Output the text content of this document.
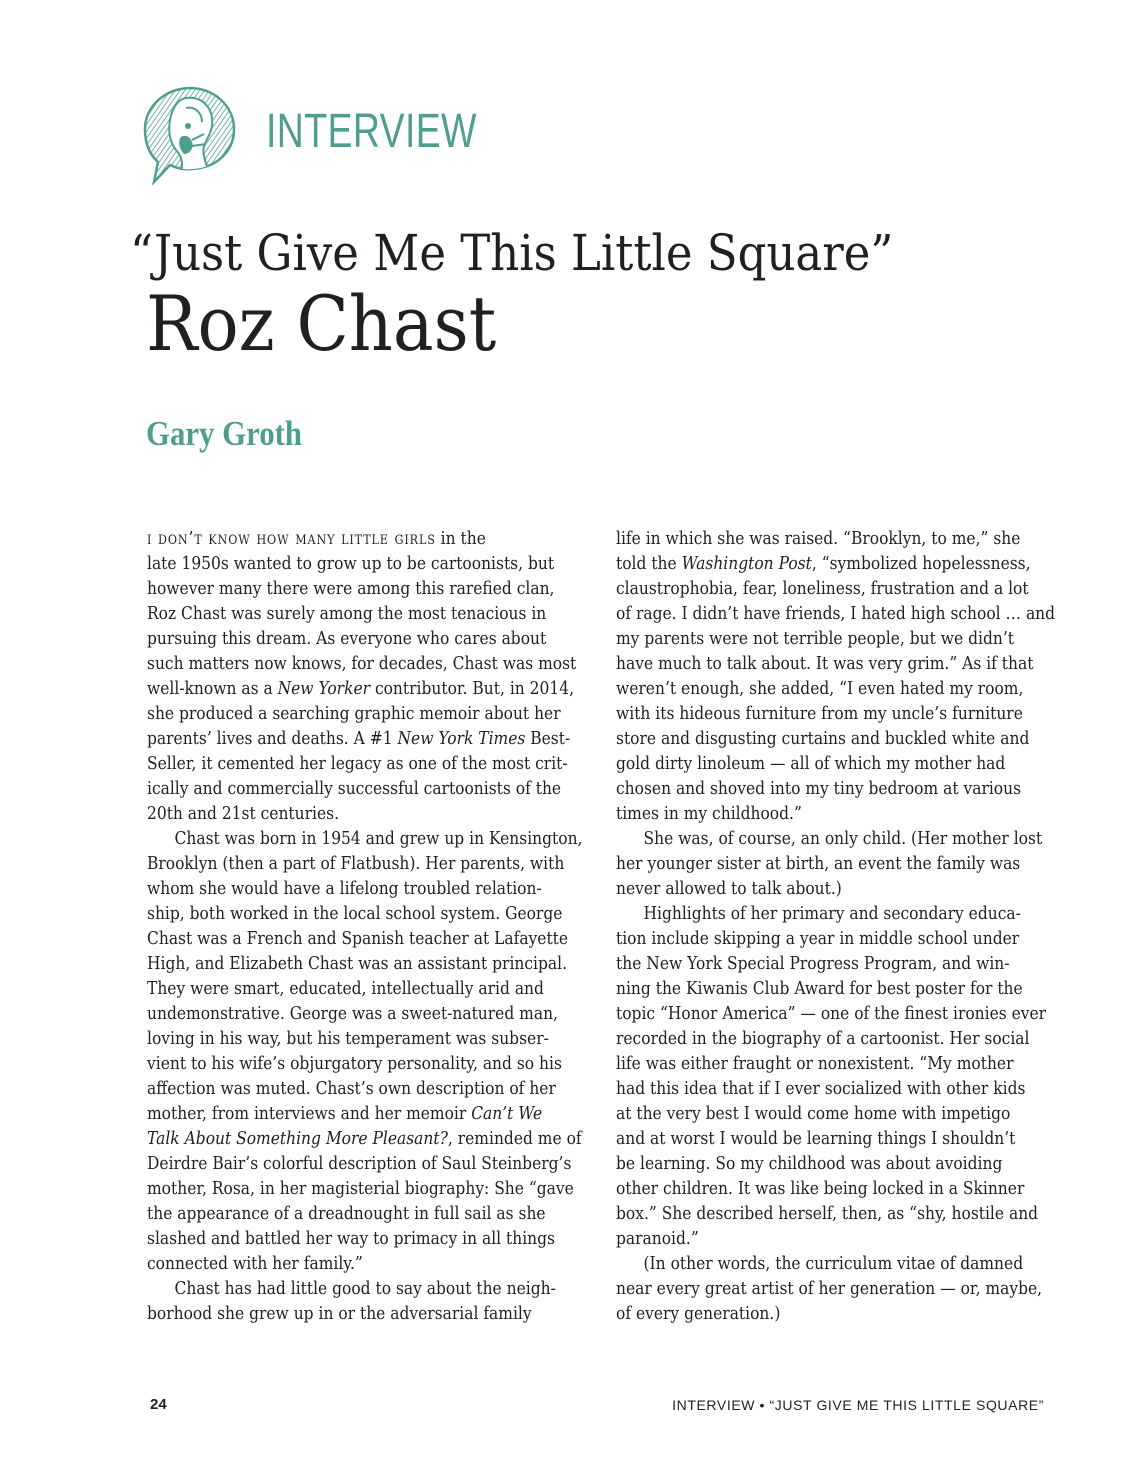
INTERVIEW
“Just Give Me This Little Square”
Roz Chast
Gary Groth
i don’t know how many little girls in the
late 1950s wanted to grow up to be cartoonists, but
however many there were among this rarefied clan,
Roz Chast was surely among the most tenacious in
pursuing this dream. As everyone who cares about
such matters now knows, for decades, Chast was most
well-known as a New Yorker contributor. But, in 2014,
she produced a searching graphic memoir about her
parents’ lives and deaths. A #1 New York Times Best-
Seller, it cemented her legacy as one of the most crit-
ically and commercially successful cartoonists of the
20th and 21st centuries.
Chast was born in 1954 and grew up in Kensington,
Brooklyn (then a part of Flatbush). Her parents, with
whom she would have a lifelong troubled relation-
ship, both worked in the local school system. George
Chast was a French and Spanish teacher at Lafayette
High, and Elizabeth Chast was an assistant principal.
They were smart, educated, intellectually arid and
undemonstrative. George was a sweet-natured man,
loving in his way, but his temperament was subser-
vient to his wife’s objurgatory personality, and so his
affection was muted. Chast’s own description of her
mother, from interviews and her memoir Can’t We
Talk About Something More Pleasant?, reminded me of
Deirdre Bair’s colorful description of Saul Steinberg’s
mother, Rosa, in her magisterial biography: She “gave
the appearance of a dreadnought in full sail as she
slashed and battled her way to primacy in all things
connected with her family.”
Chast has had little good to say about the neigh-
borhood she grew up in or the adversarial family
life in which she was raised. “Brooklyn, to me,” she
told the Washington Post, “symbolized hopelessness,
claustrophobia, fear, loneliness, frustration and a lot
of rage. I didn’t have friends, I hated high school … and
my parents were not terrible people, but we didn’t
have much to talk about. It was very grim.” As if that
weren’t enough, she added, “I even hated my room,
with its hideous furniture from my uncle’s furniture
store and disgusting curtains and buckled white and
gold dirty linoleum — all of which my mother had
chosen and shoved into my tiny bedroom at various
times in my childhood.”
She was, of course, an only child. (Her mother lost
her younger sister at birth, an event the family was
never allowed to talk about.)
Highlights of her primary and secondary educa-
tion include skipping a year in middle school under
the New York Special Progress Program, and win-
ning the Kiwanis Club Award for best poster for the
topic “Honor America” — one of the finest ironies ever
recorded in the biography of a cartoonist. Her social
life was either fraught or nonexistent. “My mother
had this idea that if I ever socialized with other kids
at the very best I would come home with impetigo
and at worst I would be learning things I shouldn’t
be learning. So my childhood was about avoiding
other children. It was like being locked in a Skinner
box.” She described herself, then, as “shy, hostile and
paranoid.”
(In other words, the curriculum vitae of damned
near every great artist of her generation — or, maybe,
of every generation.)
24	INTERVIEW • “JUST GIVE ME THIS LITTLE SQUARE”
